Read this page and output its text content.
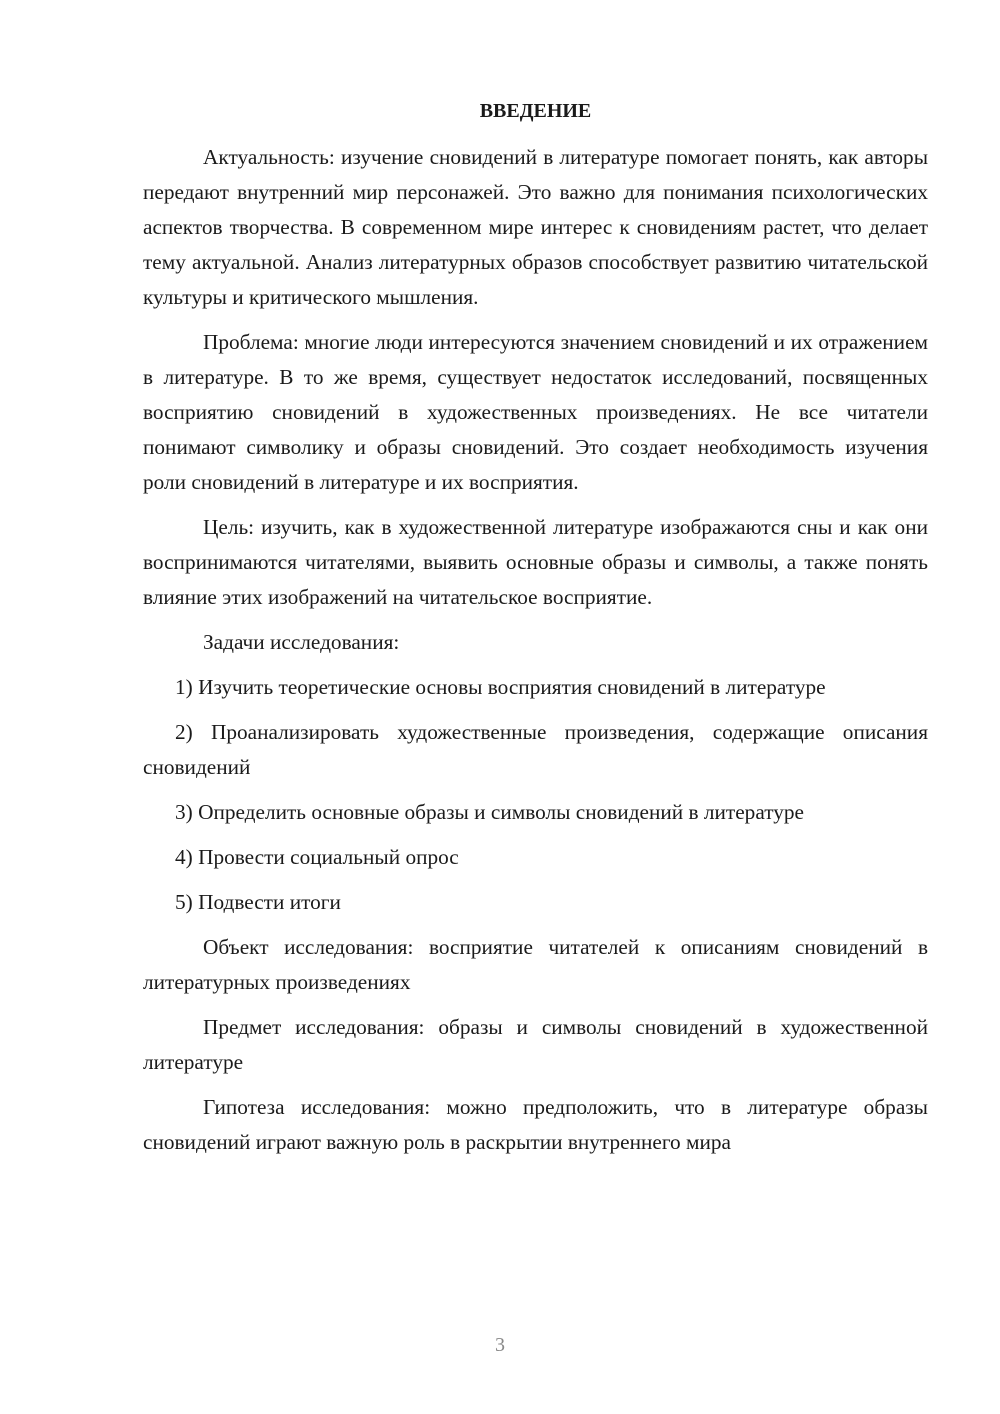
ВВЕДЕНИЕ

Актуальность: изучение сновидений в литературе помогает понять, как авторы передают внутренний мир персонажей. Это важно для понимания психологических аспектов творчества. В современном мире интерес к сновидениям растет, что делает тему актуальной. Анализ литературных образов способствует развитию читательской культуры и критического мышления.

Проблема: многие люди интересуются значением сновидений и их отражением в литературе. В то же время, существует недостаток исследований, посвященных восприятию сновидений в художественных произведениях. Не все читатели понимают символику и образы сновидений. Это создает необходимость изучения роли сновидений в литературе и их восприятия.

Цель: изучить, как в художественной литературе изображаются сны и как они воспринимаются читателями, выявить основные образы и символы, а также понять влияние этих изображений на читательское восприятие.

Задачи исследования:

1) Изучить теоретические основы восприятия сновидений в литературе

2) Проанализировать художественные произведения, содержащие описания сновидений

3) Определить основные образы и символы сновидений в литературе

4) Провести социальный опрос

5) Подвести итоги

Объект исследования: восприятие читателей к описаниям сновидений в литературных произведениях

Предмет исследования: образы и символы сновидений в художественной литературе

Гипотеза исследования: можно предположить, что в литературе образы сновидений играют важную роль в раскрытии внутреннего мира

3
